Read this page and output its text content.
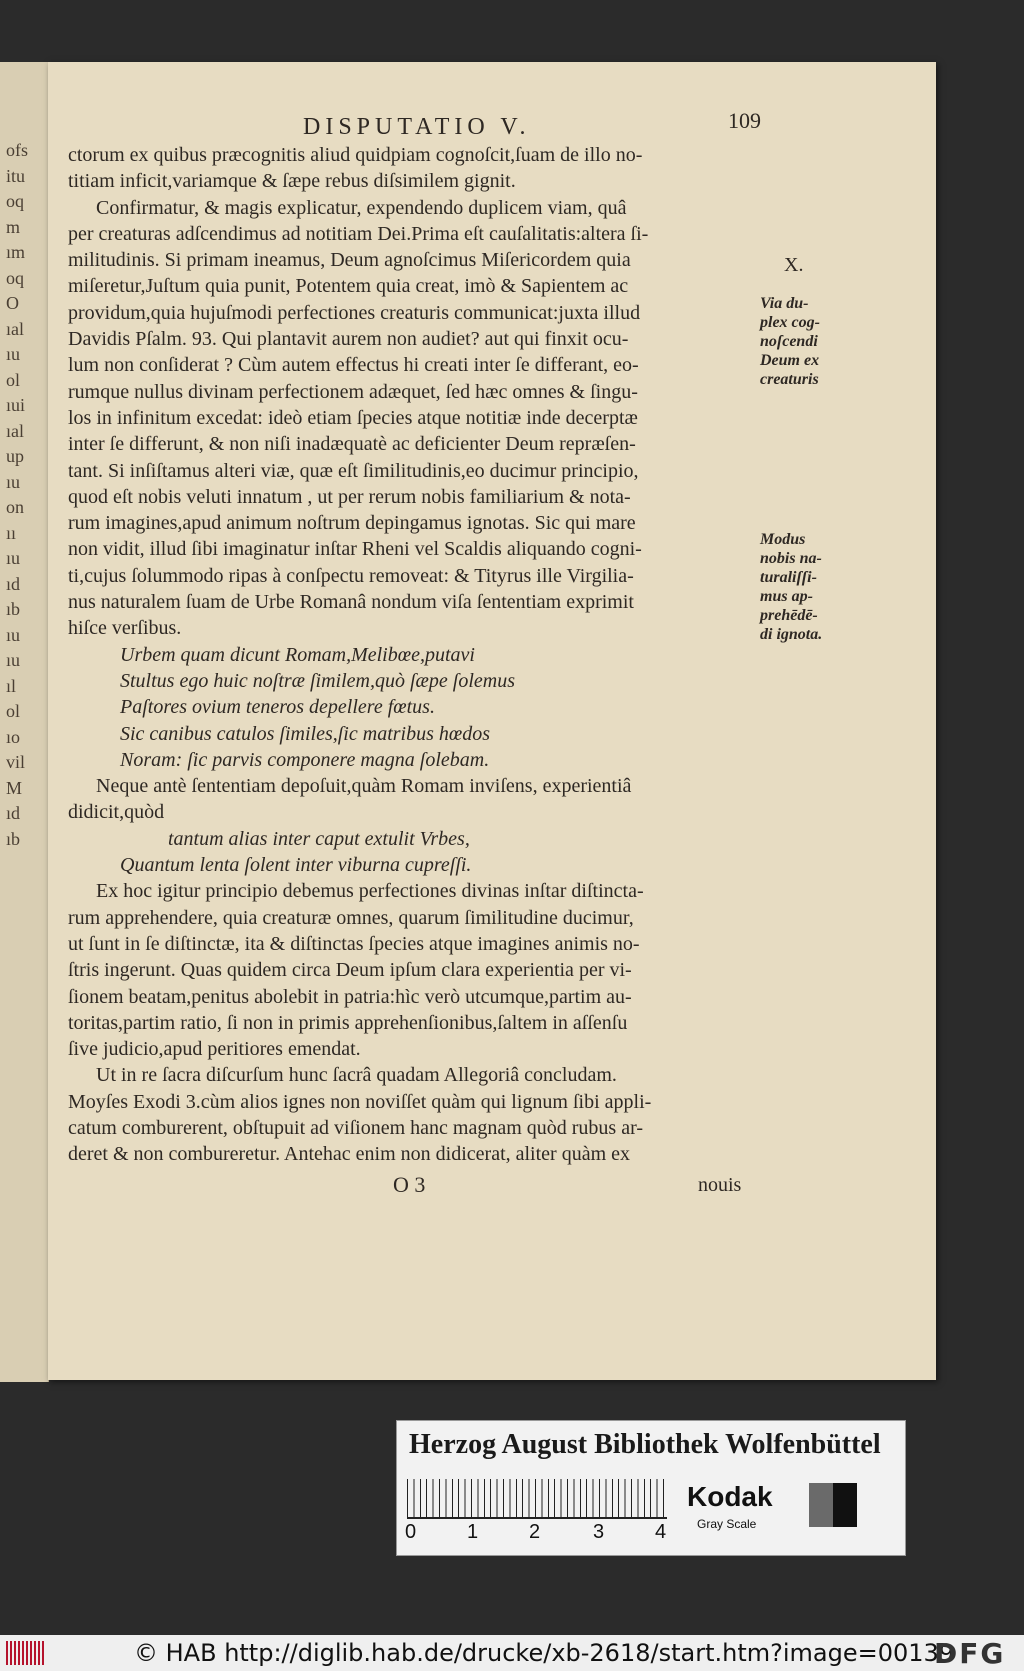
ofs
itu
oq
m
ım
oq
O
ıal
ıu
ol
ıui
ıal
up
ıu
on
ıı
ıu
ıd
ıb
ıu
ıu
ıl
ol
ıo
vil
M
ıd
ıb
DISPUTATIO V.	109
ctorum ex quibus præcognitis aliud quidpiam cognoſcit,ſuam de illo no-
titiam inficit,variamque & ſæpe rebus diſsimilem gignit.
Confirmatur, & magis explicatur, expendendo duplicem viam, quâ
per creaturas adſcendimus ad notitiam Dei.Prima eſt cauſalitatis:altera ſi-
militudinis. Si primam ineamus, Deum agnoſcimus Miſericordem quia
miſeretur,Juſtum quia punit, Potentem quia creat, imò & Sapientem ac
providum,quia hujuſmodi perfectiones creaturis communicat:juxta illud
Davidis Pſalm. 93. Qui plantavit aurem non audiet? aut qui finxit ocu-
lum non conſiderat ? Cùm autem effectus hi creati inter ſe differant, eo-
rumque nullus divinam perfectionem adæquet, ſed hæc omnes & ſingu-
los in infinitum excedat: ideò etiam ſpecies atque notitiæ inde decerptæ
inter ſe differunt, & non niſi inadæquatè ac deficienter Deum repræſen-
tant. Si inſiſtamus alteri viæ, quæ eſt ſimilitudinis,eo ducimur principio,
quod eſt nobis veluti innatum , ut per rerum nobis familiarium & nota-
rum imagines,apud animum noſtrum depingamus ignotas. Sic qui mare
non vidit, illud ſibi imaginatur inſtar Rheni vel Scaldis aliquando cogni-
ti,cujus ſolummodo ripas à conſpectu removeat: & Tityrus ille Virgilia-
nus naturalem ſuam de Urbe Romanâ nondum viſa ſententiam exprimit
hiſce verſibus.
Urbem quam dicunt Romam,Melibœe,putavi
Stultus ego huic noſtræ ſimilem,quò ſæpe ſolemus
Paſtores ovium teneros depellere fœtus.
Sic canibus catulos ſimiles,ſic matribus hœdos
Noram: ſic parvis componere magna ſolebam.
Neque antè ſententiam depoſuit,quàm Romam inviſens, experientiâ
didicit,quòd
tantum alias inter caput extulit Vrbes,
Quantum lenta ſolent inter viburna cupreſſi.
Ex hoc igitur principio debemus perfectiones divinas inſtar diſtincta-
rum apprehendere, quia creaturæ omnes, quarum ſimilitudine ducimur,
ut ſunt in ſe diſtinctæ, ita & diſtinctas ſpecies atque imagines animis no-
ſtris ingerunt. Quas quidem circa Deum ipſum clara experientia per vi-
ſionem beatam,penitus abolebit in patria:hìc verò utcumque,partim au-
toritas,partim ratio, ſi non in primis apprehenſionibus,ſaltem in aſſenſu
ſive judicio,apud peritiores emendat.
Ut in re ſacra diſcurſum hunc ſacrâ quadam Allegoriâ concludam.
Moyſes Exodi 3.cùm alios ignes non noviſſet quàm qui lignum ſibi appli-
catum comburerent, obſtupuit ad viſionem hanc magnam quòd rubus ar-
deret & non combureretur. Antehac enim non didicerat, aliter quàm ex
X.
Via du-
plex cog-
noſcendi
Deum ex
creaturis
Modus
nobis na-
turaliſſi-
mus ap-
prehēdē-
di ignota.
O 3	nouis
Herzog August Bibliothek Wolfenbüttel
0	1	2	3	4
Kodak
Gray Scale
© HAB http://diglib.hab.de/drucke/xb-2618/start.htm?image=00139
DFG
